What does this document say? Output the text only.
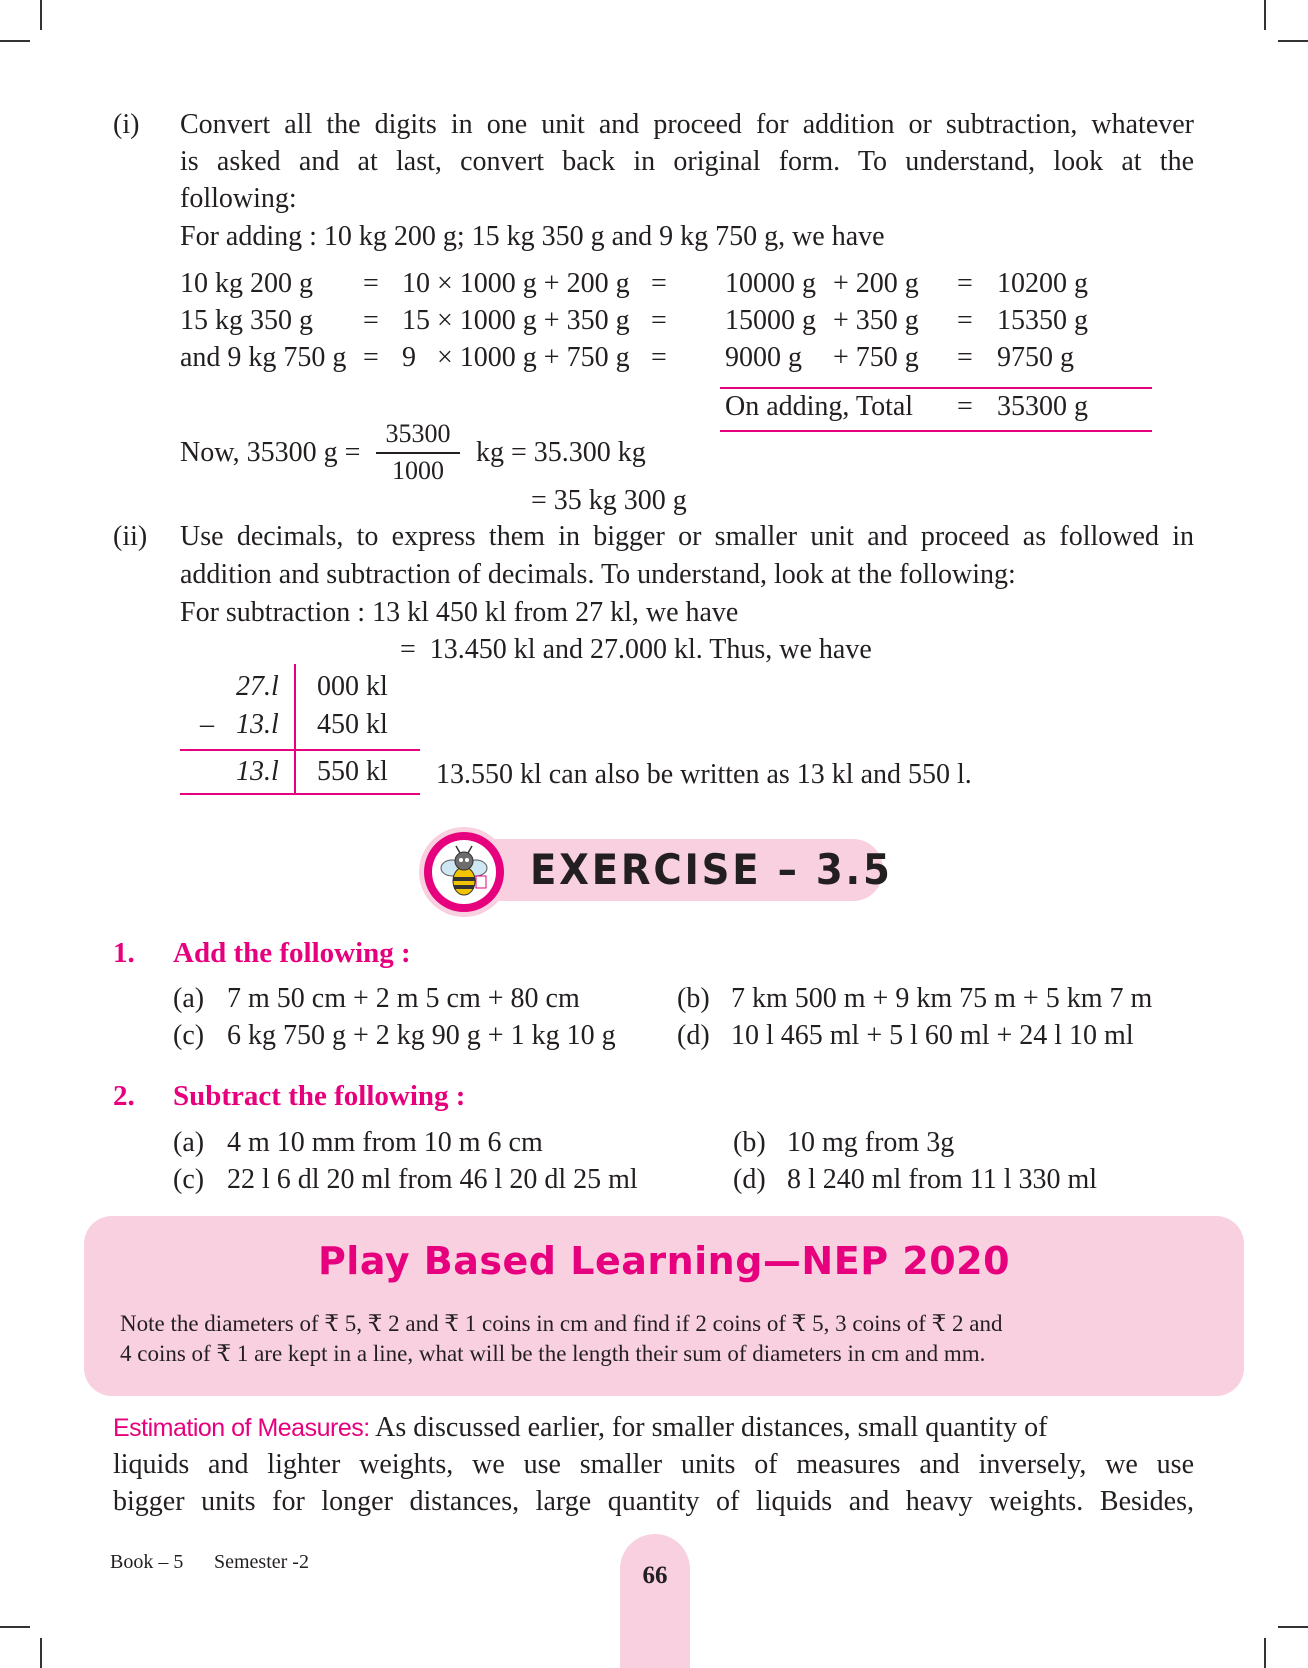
(i) Convert all the digits in one unit and proceed for addition or subtraction, whatever
is asked and at last, convert back in original form. To understand, look at the
following:
For adding : 10 kg 200 g; 15 kg 350 g and 9 kg 750 g, we have
10 kg 200 g = 10 × 1000 g + 200 g = 10000 g + 200 g = 10200 g
15 kg 350 g = 15 × 1000 g + 350 g = 15000 g + 350 g = 15350 g
and 9 kg 750 g = 9   × 1000 g + 750 g = 9000 g + 750 g = 9750 g
On adding, Total = 35300 g
Now, 35300 g =
35300
1000
kg = 35.300 kg
= 35 kg 300 g
(ii) Use decimals, to express them in bigger or smaller unit and proceed as followed in
addition and subtraction of decimals. To understand, look at the following:
For subtraction : 13 kl 450 kl from 27 kl, we have
=  13.450 kl and 27.000 kl. Thus, we have
27.l 000 kl
– 13.l 450 kl
13.l 550 kl 13.550 kl can also be written as 13 kl and 550 l.
EXERCISE – 3.5
1. Add the following :
(a) 7 m 50 cm + 2 m 5 cm + 80 cm	(b) 7 km 500 m + 9 km 75 m + 5 km 7 m
(c) 6 kg 750 g + 2 kg 90 g + 1 kg 10 g (d) 10 l 465 ml + 5 l 60 ml + 24 l 10 ml
2. Subtract the following :
(a) 4 m 10 mm from 10 m 6 cm	(b) 10 mg from 3g
(c) 22 l 6 dl 20 ml from 46 l 20 dl 25 ml	(d) 8 l 240 ml from 11 l 330 ml
Play Based Learning—NEP 2020
Note the diameters of ₹ 5, ₹ 2 and ₹ 1 coins in cm and find if 2 coins of ₹ 5, 3 coins of ₹ 2 and
4 coins of ₹ 1 are kept in a line, what will be the length their sum of diameters in cm and mm.
Estimation of Measures: As discussed earlier, for smaller distances, small quantity of
liquids and lighter weights, we use smaller units of measures and inversely, we use
bigger units for longer distances, large quantity of liquids and heavy weights. Besides,
Book – 5 Semester -2	66
